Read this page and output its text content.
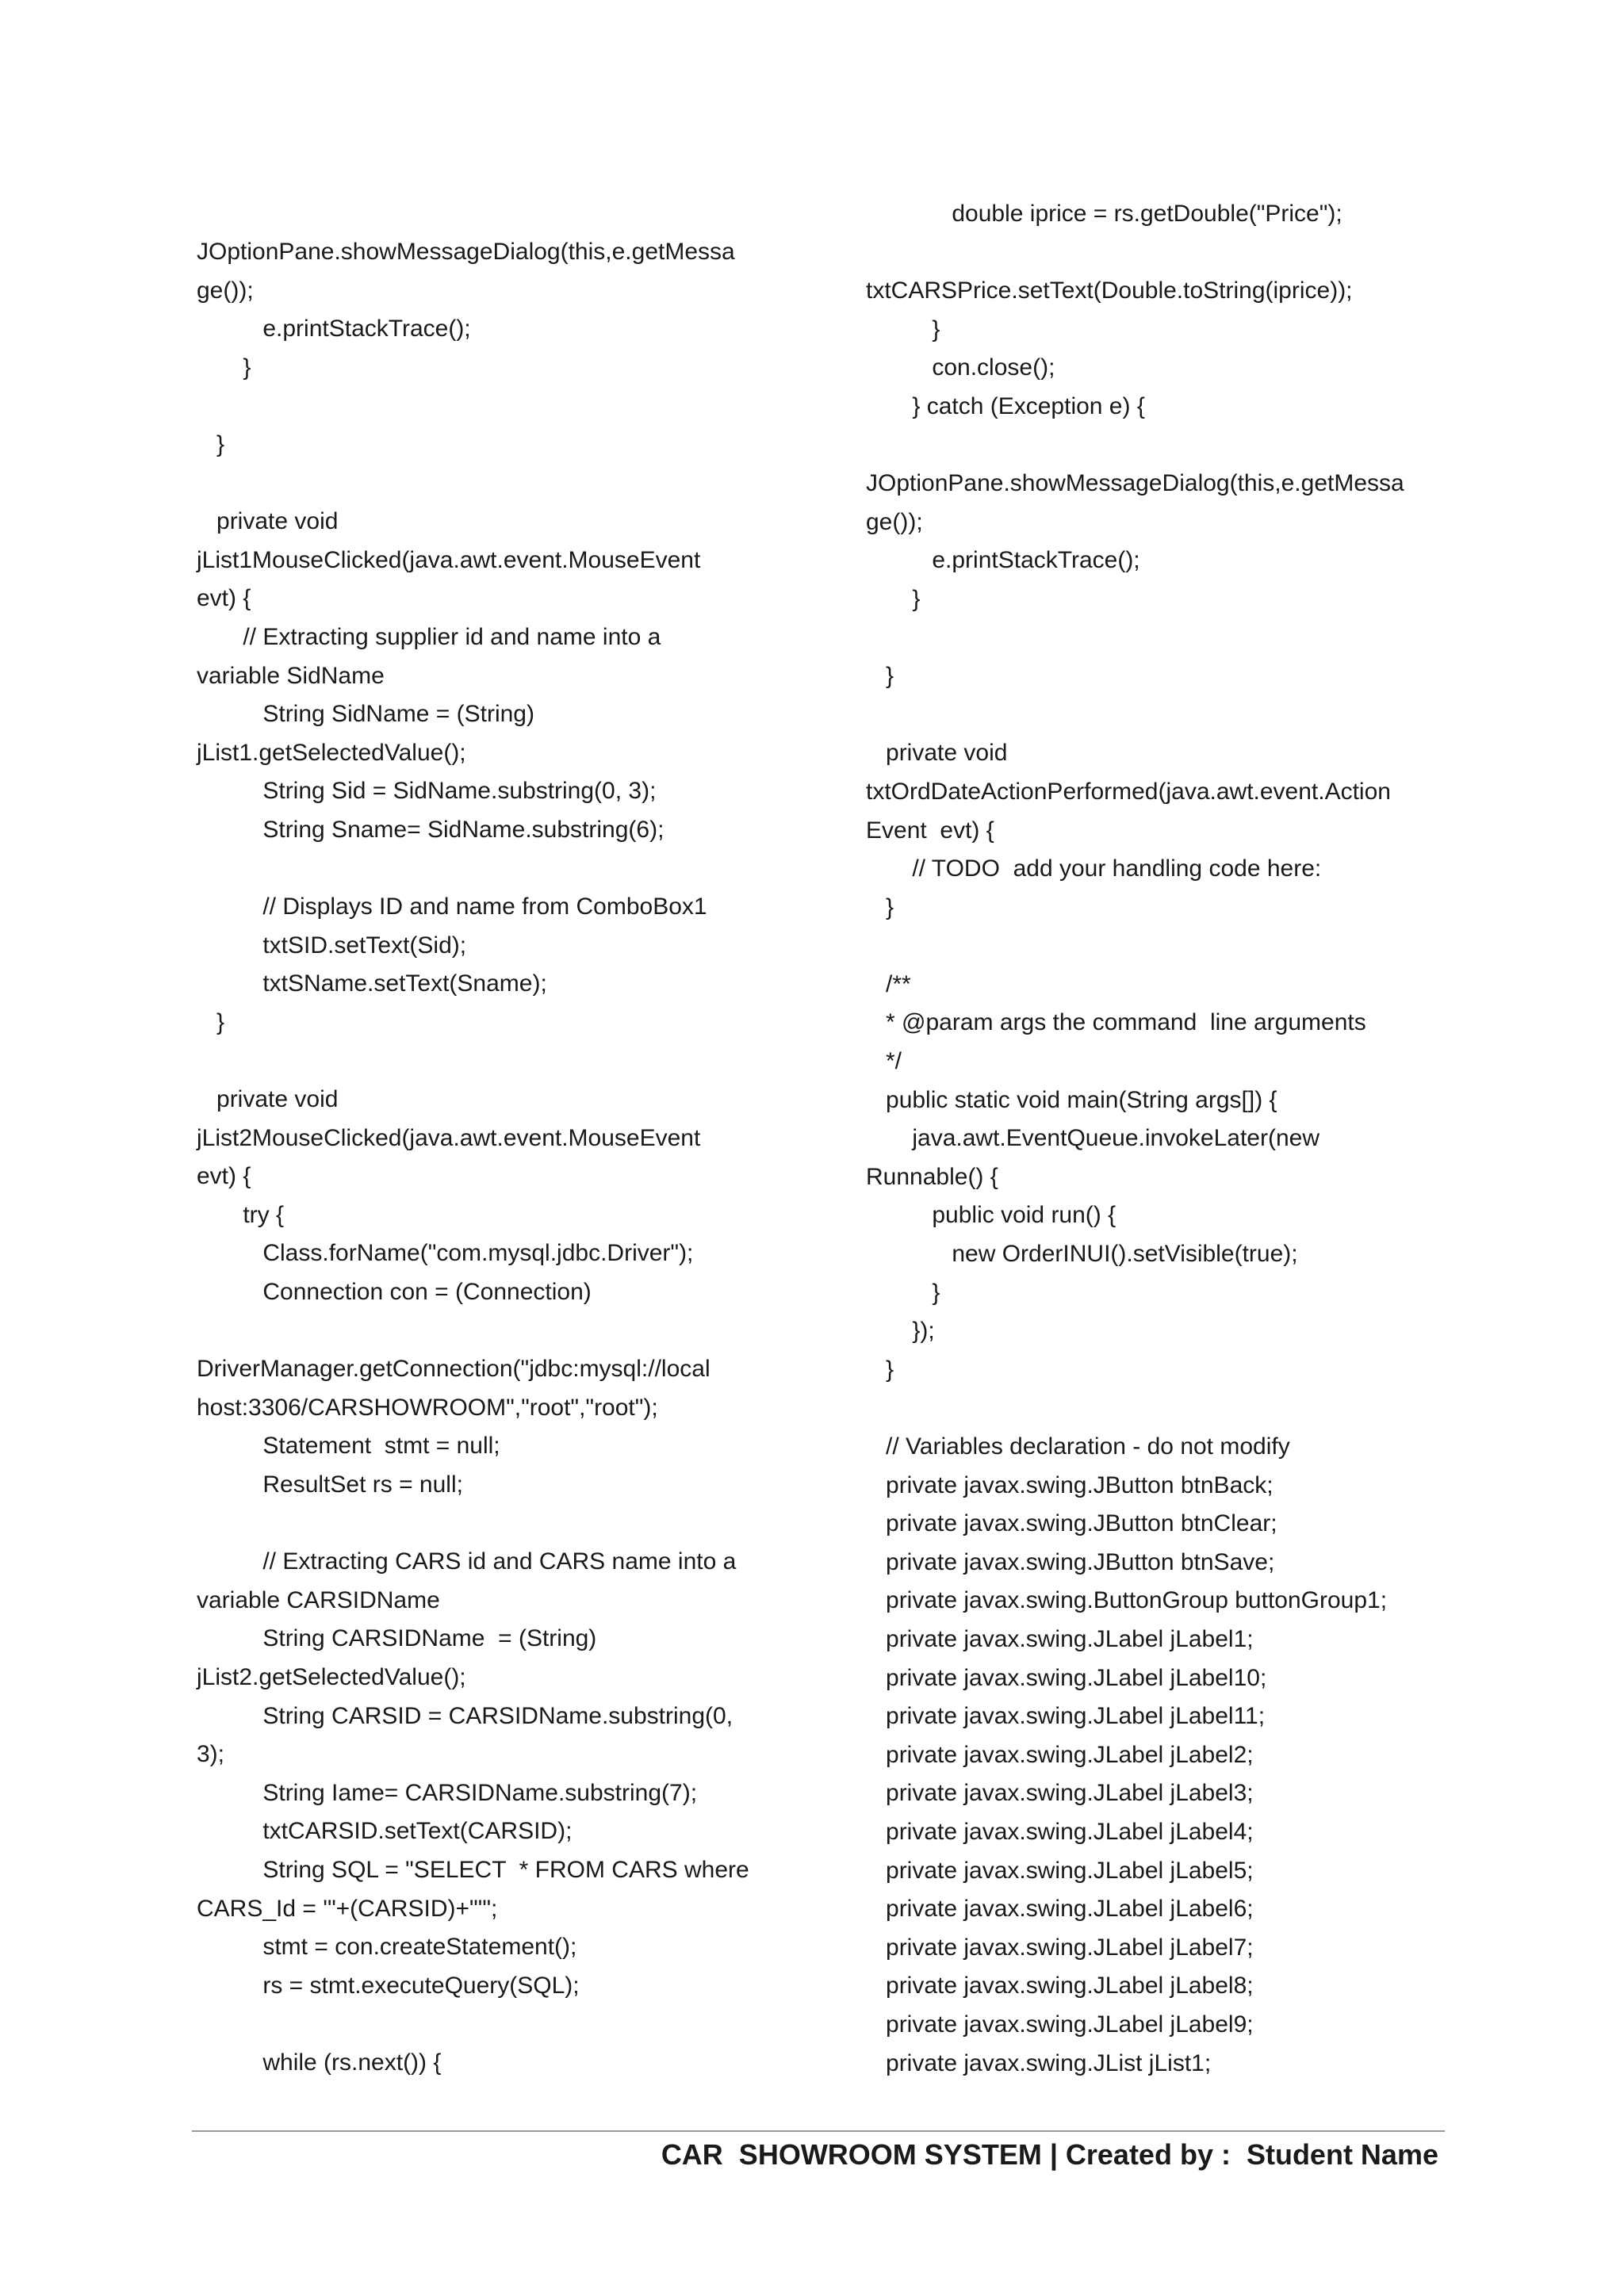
JOptionPane.showMessageDialog(this,e.getMessa
ge());
e.printStackTrace();
}

}

private void
jList1MouseClicked(java.awt.event.MouseEvent
evt) {
// Extracting supplier id and name into a
variable SidName
String SidName = (String)
jList1.getSelectedValue();
String Sid = SidName.substring(0, 3);
String Sname= SidName.substring(6);

// Displays ID and name from ComboBox1
txtSID.setText(Sid);
txtSName.setText(Sname);
}

private void
jList2MouseClicked(java.awt.event.MouseEvent
evt) {
try {
Class.forName("com.mysql.jdbc.Driver");
Connection con = (Connection)

DriverManager.getConnection("jdbc:mysql://local
host:3306/CARSHOWROOM","root","root");
Statement  stmt = null;
ResultSet rs = null;

// Extracting CARS id and CARS name into a
variable CARSIDName
String CARSIDName  = (String)
jList2.getSelectedValue();
String CARSID = CARSIDName.substring(0,
3);
String Iame= CARSIDName.substring(7);
txtCARSID.setText(CARSID);
String SQL = "SELECT  * FROM CARS where
CARS_Id = '"+(CARSID)+"'";
stmt = con.createStatement();
rs = stmt.executeQuery(SQL);

while (rs.next()) {
double iprice = rs.getDouble("Price");

txtCARSPrice.setText(Double.toString(iprice));
}
con.close();
} catch (Exception e) {

JOptionPane.showMessageDialog(this,e.getMessa
ge());
e.printStackTrace();
}

}

private void
txtOrdDateActionPerformed(java.awt.event.Action
Event  evt) {
// TODO  add your handling code here:
}

/**
* @param args the command  line arguments
*/
public static void main(String args[]) {
java.awt.EventQueue.invokeLater(new
Runnable() {
public void run() {
new OrderINUI().setVisible(true);
}
});
}

// Variables declaration - do not modify
private javax.swing.JButton btnBack;
private javax.swing.JButton btnClear;
private javax.swing.JButton btnSave;
private javax.swing.ButtonGroup buttonGroup1;
private javax.swing.JLabel jLabel1;
private javax.swing.JLabel jLabel10;
private javax.swing.JLabel jLabel11;
private javax.swing.JLabel jLabel2;
private javax.swing.JLabel jLabel3;
private javax.swing.JLabel jLabel4;
private javax.swing.JLabel jLabel5;
private javax.swing.JLabel jLabel6;
private javax.swing.JLabel jLabel7;
private javax.swing.JLabel jLabel8;
private javax.swing.JLabel jLabel9;
private javax.swing.JList jList1;
CAR  SHOWROOM SYSTEM | Created by :  Student Name
